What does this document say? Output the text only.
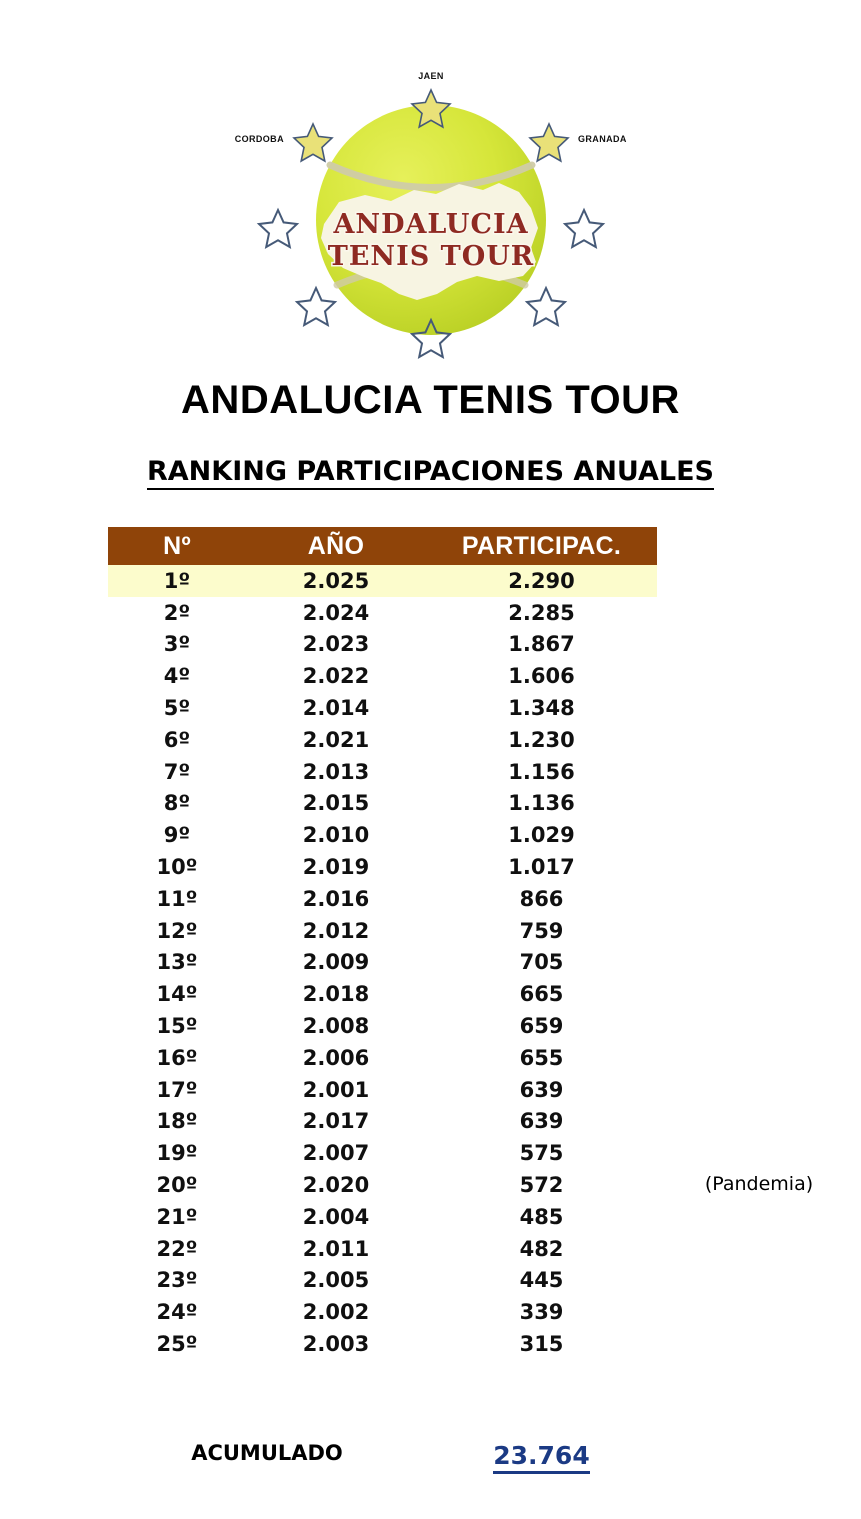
ANDALUCIA
TENIS TOUR
JAEN
CORDOBA	GRANADA
ANDALUCIA TENIS TOUR
RANKING PARTICIPACIONES ANUALES
Nº	AÑO	PARTICIPAC.
1º	2.025	2.290
2º	2.024	2.285
3º	2.023	1.867
4º	2.022	1.606
5º	2.014	1.348
6º	2.021	1.230
7º	2.013	1.156
8º	2.015	1.136
9º	2.010	1.029
10º	2.019	1.017
11º	2.016	866
12º	2.012	759
13º	2.009	705
14º	2.018	665
15º	2.008	659
16º	2.006	655
17º	2.001	639
18º	2.017	639
19º	2.007	575
20º	2.020	572
21º	2.004	485
22º	2.011	482
23º	2.005	445
24º	2.002	339
25º	2.003	315
ACUMULADO	23.764
(Pandemia)
